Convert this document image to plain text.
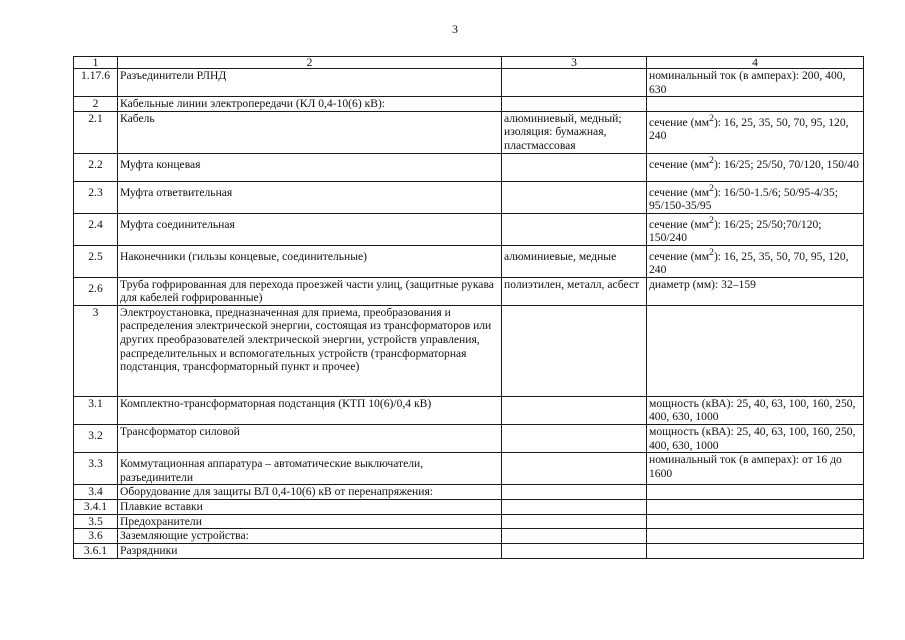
3
1	2	3	4
1.17.6	Разъединители РЛНД		номинальный ток (в амперах): 200, 400, 630
2	Кабельные линии электропередачи (КЛ 0,4-10(6) кВ):		
2.1	Кабель	алюминиевый, медный; изоляция: бумажная, пластмассовая	сечение $(мм^2)$: 16, 25, 35, 50, 70, 95, 120, 240
2.2	Муфта концевая		сечение $(мм^2)$: 16/25; 25/50, 70/120, 150/40
2.3	Муфта ответвительная		сечение $(мм^2)$: 16/50-1.5/6; 50/95-4/35; 95/150-35/95
2.4	Муфта соединительная		сечение $(мм^2)$: 16/25; 25/50;70/120; 150/240
2.5	Наконечники (гильзы концевые, соединительные)	алюминиевые, медные	сечение $(мм^2)$: 16, 25, 35, 50, 70, 95, 120, 240
2.6	Труба гофрированная для перехода проезжей части улиц, (защитные рукава для кабелей гофрированные)	полиэтилен, металл, асбест	диаметр (мм): 32–159
3	Электроустановка, предназначенная для приема, преобразования и распределения электрической энергии, состоящая из трансформаторов или других преобразователей электрической энергии, устройств управления, распределительных и вспомогательных устройств (трансформаторная подстанция, трансформаторный пункт и прочее)		
3.1	Комплектно-трансформаторная подстанция (КТП 10(6)/0,4 кВ)		мощность (кВА): 25, 40, 63, 100, 160, 250, 400, 630, 1000
3.2	Трансформатор силовой		мощность (кВА): 25, 40, 63, 100, 160, 250, 400, 630, 1000
3.3	Коммутационная аппаратура – автоматические выключатели, разъединители		номинальный ток (в амперах): от 16 до 1600
3.4	Оборудование для защиты ВЛ 0,4-10(6) кВ от перенапряжения:		
3.4.1	Плавкие вставки		
3.5	Предохранители		
3.6	Заземляющие устройства:		
3.6.1	Разрядники		
